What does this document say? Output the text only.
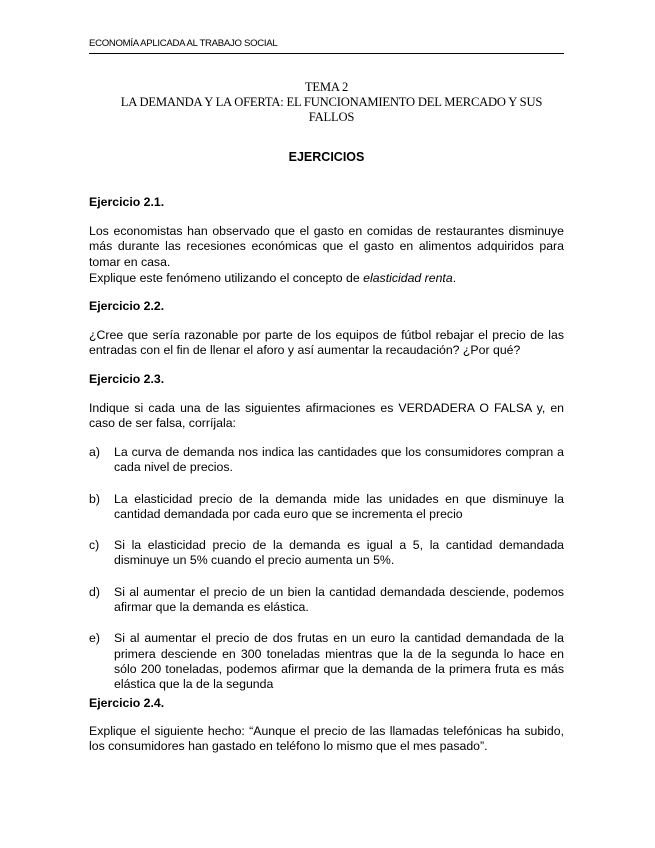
ECONOMÍA APLICADA AL TRABAJO SOCIAL
TEMA 2
LA DEMANDA Y LA OFERTA: EL FUNCIONAMIENTO DEL MERCADO Y SUS FALLOS
EJERCICIOS

Ejercicio 2.1.

Los economistas han observado que el gasto en comidas de restaurantes disminuye más durante las recesiones económicas que el gasto en alimentos adquiridos para tomar en casa.

Explique este fenómeno utilizando el concepto de elasticidad renta.

Ejercicio 2.2.

¿Cree que sería razonable por parte de los equipos de fútbol rebajar el precio de las entradas con el fin de llenar el aforo y así aumentar la recaudación? ¿Por qué?

Ejercicio 2.3.

Indique si cada una de las siguientes afirmaciones es VERDADERA O FALSA y, en caso de ser falsa, corríjala:

a) La curva de demanda nos indica las cantidades que los consumidores compran a cada nivel de precios.
b) La elasticidad precio de la demanda mide las unidades en que disminuye la cantidad demandada por cada euro que se incrementa el precio
c) Si la elasticidad precio de la demanda es igual a 5, la cantidad demandada disminuye un 5% cuando el precio aumenta un 5%.
d) Si al aumentar el precio de un bien la cantidad demandada desciende, podemos afirmar que la demanda es elástica.
e) Si al aumentar el precio de dos frutas en un euro la cantidad demandada de la primera desciende en 300 toneladas mientras que la de la segunda lo hace en sólo 200 toneladas, podemos afirmar que la demanda de la primera fruta es más elástica que la de la segunda

Ejercicio 2.4.

Explique el siguiente hecho: “Aunque el precio de las llamadas telefónicas ha subido, los consumidores han gastado en teléfono lo mismo que el mes pasado”.
